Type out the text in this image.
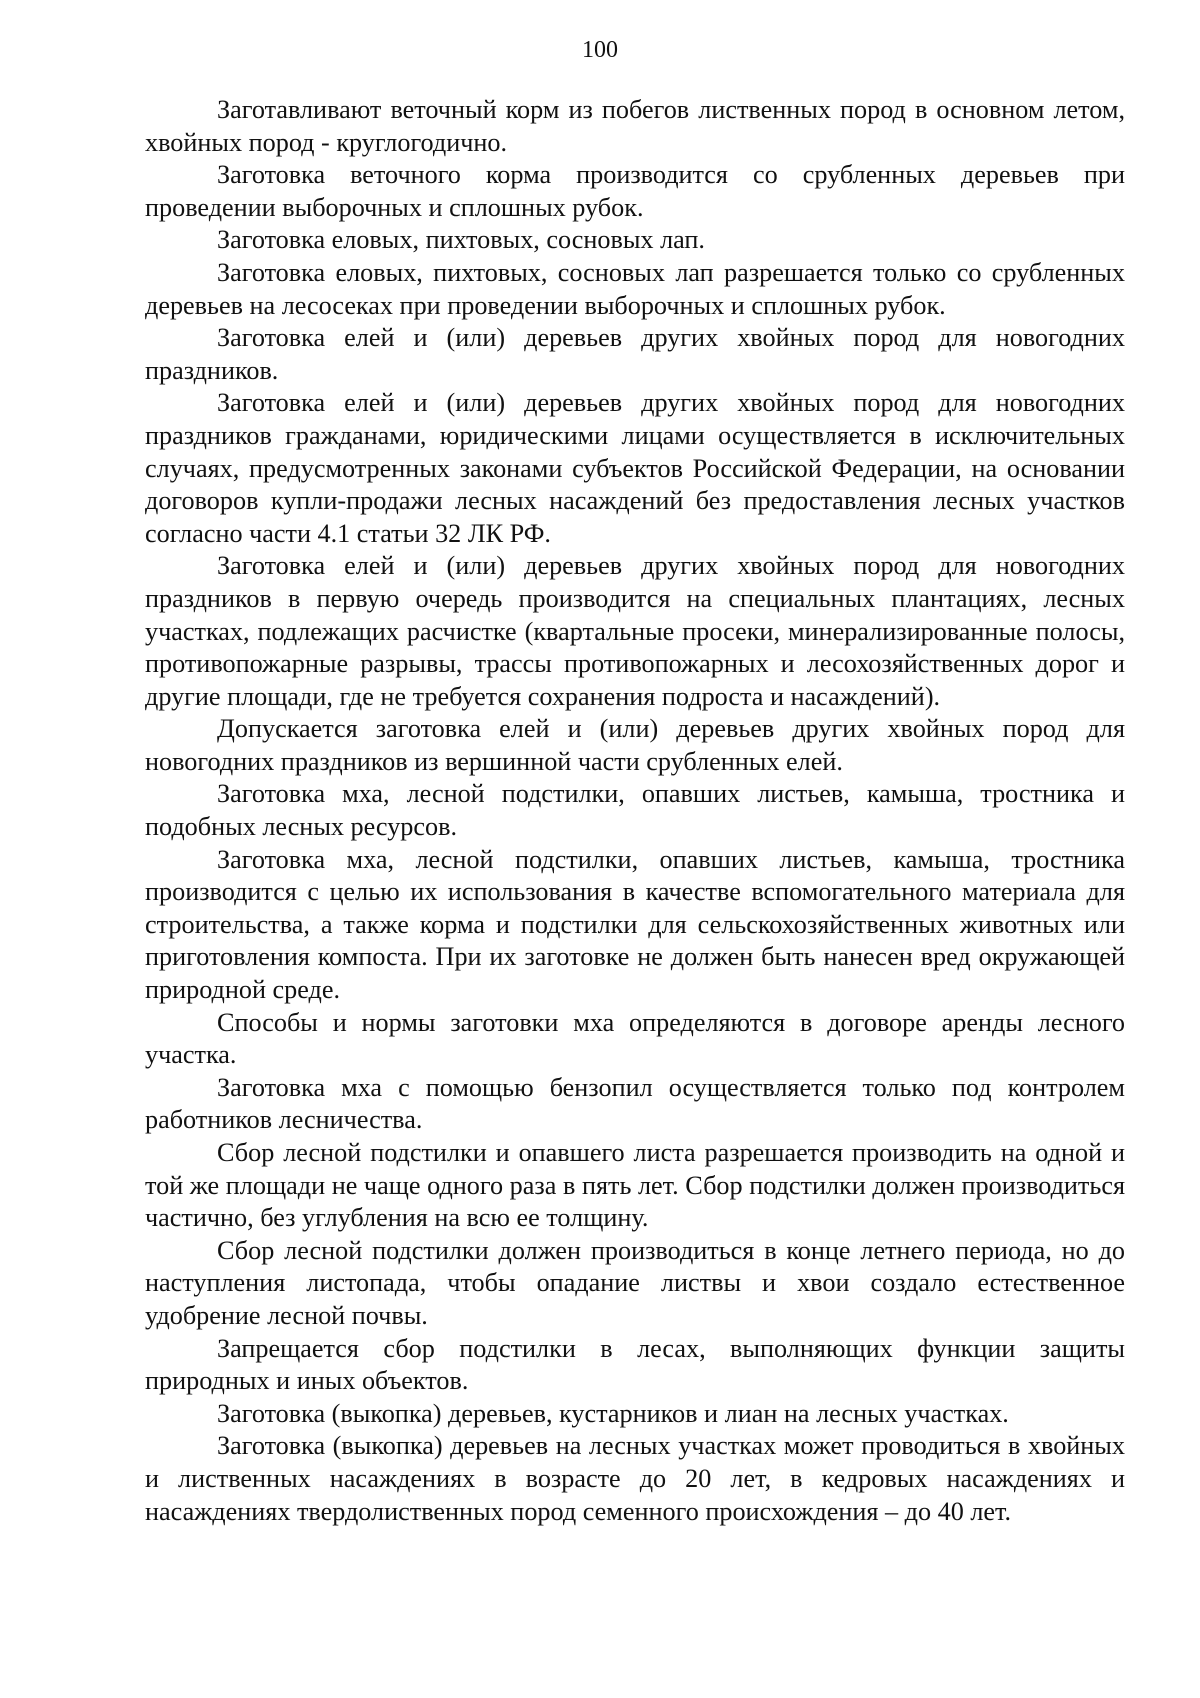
100

Заготавливают веточный корм из побегов лиственных пород в основном летом, хвойных пород - круглогодично.

Заготовка веточного корма производится со срубленных деревьев при проведении выборочных и сплошных рубок.

Заготовка еловых, пихтовых, сосновых лап.

Заготовка еловых, пихтовых, сосновых лап разрешается только со срубленных деревьев на лесосеках при проведении выборочных и сплошных рубок.

Заготовка елей и (или) деревьев других хвойных пород для новогодних праздников.

Заготовка елей и (или) деревьев других хвойных пород для новогодних праздников гражданами, юридическими лицами осуществляется в исключительных случаях, предусмотренных законами субъектов Российской Федерации, на основании договоров купли-продажи лесных насаждений без предоставления лесных участков согласно части 4.1 статьи 32 ЛК РФ.

Заготовка елей и (или) деревьев других хвойных пород для новогодних праздников в первую очередь производится на специальных плантациях, лесных участках, подлежащих расчистке (квартальные просеки, минерализированные полосы, противопожарные разрывы, трассы противопожарных и лесохозяйственных дорог и другие площади, где не требуется сохранения подроста и насаждений).

Допускается заготовка елей и (или) деревьев других хвойных пород для новогодних праздников из вершинной части срубленных елей.

Заготовка мха, лесной подстилки, опавших листьев, камыша, тростника и подобных лесных ресурсов.

Заготовка мха, лесной подстилки, опавших листьев, камыша, тростника производится с целью их использования в качестве вспомогательного материала для строительства, а также корма и подстилки для сельскохозяйственных животных или приготовления компоста. При их заготовке не должен быть нанесен вред окружающей природной среде.

Способы и нормы заготовки мха определяются в договоре аренды лесного участка.

Заготовка мха с помощью бензопил осуществляется только под контролем работников лесничества.

Сбор лесной подстилки и опавшего листа разрешается производить на одной и той же площади не чаще одного раза в пять лет. Сбор подстилки должен производиться частично, без углубления на всю ее толщину.

Сбор лесной подстилки должен производиться в конце летнего периода, но до наступления листопада, чтобы опадание листвы и хвои создало естественное удобрение лесной почвы.

Запрещается сбор подстилки в лесах, выполняющих функции защиты природных и иных объектов.

Заготовка (выкопка) деревьев, кустарников и лиан на лесных участках.

Заготовка (выкопка) деревьев на лесных участках может проводиться в хвойных и лиственных насаждениях в возрасте до 20 лет, в кедровых насаждениях и насаждениях твердолиственных пород семенного происхождения – до 40 лет.
